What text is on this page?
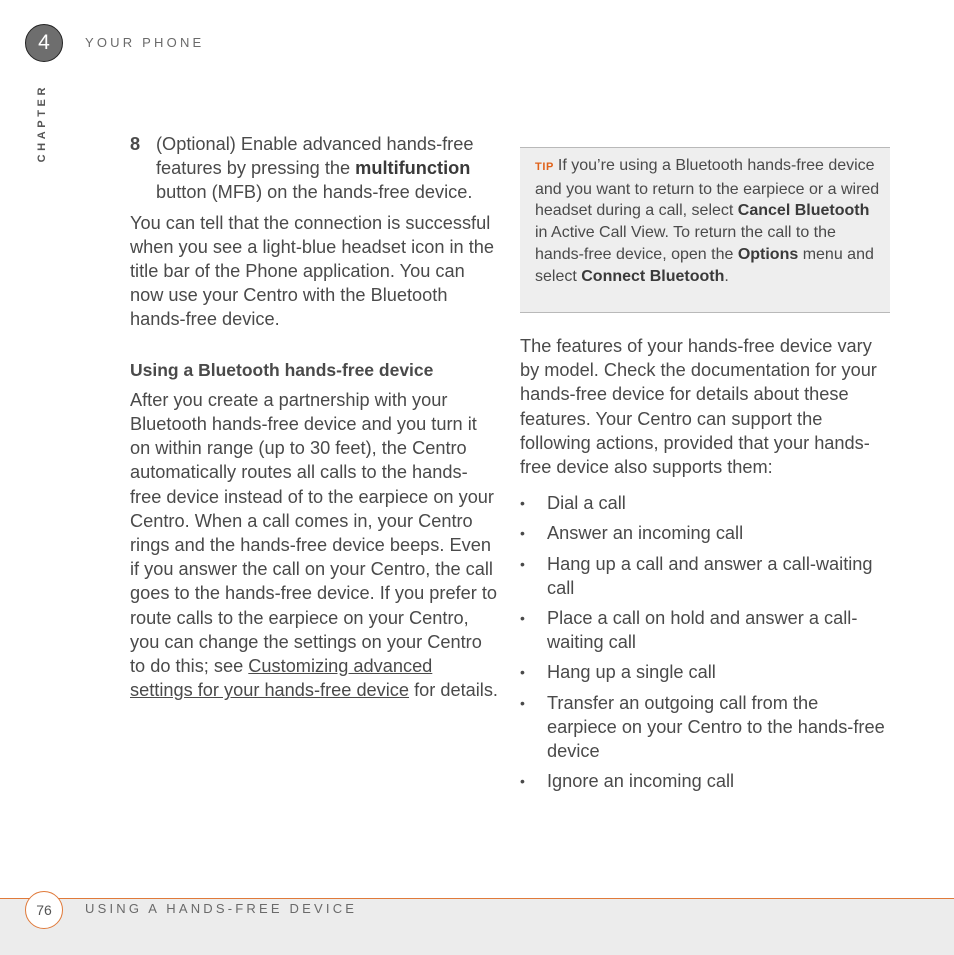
4	YOUR PHONE
CHAPTER	8 (Optional) Enable advanced hands-free features by pressing the multifunction button (MFB) on the hands-free device.

You can tell that the connection is successful when you see a light-blue headset icon in the title bar of the Phone application. You can now use your Centro with the Bluetooth hands-free device.

Using a Bluetooth hands-free device

After you create a partnership with your Bluetooth hands-free device and you turn it on within range (up to 30 feet), the Centro automatically routes all calls to the hands-free device instead of to the earpiece on your Centro. When a call comes in, your Centro rings and the hands-free device beeps. Even if you answer the call on your Centro, the call goes to the hands-free device. If you prefer to route calls to the earpiece on your Centro, you can change the settings on your Centro to do this; see Customizing advanced settings for your hands-free device for details.

TIP If you’re using a Bluetooth hands-free device and you want to return to the earpiece or a wired headset during a call, select Cancel Bluetooth in Active Call View. To return the call to the hands-free device, open the Options menu and select Connect Bluetooth.

The features of your hands-free device vary by model. Check the documentation for your hands-free device for details about these features. Your Centro can support the following actions, provided that your hands-free device also supports them:

• Dial a call
• Answer an incoming call
• Hang up a call and answer a call-waiting call
• Place a call on hold and answer a call-waiting call
• Hang up a single call
• Transfer an outgoing call from the earpiece on your Centro to the hands-free device
• Ignore an incoming call
76	USING A HANDS-FREE DEVICE
